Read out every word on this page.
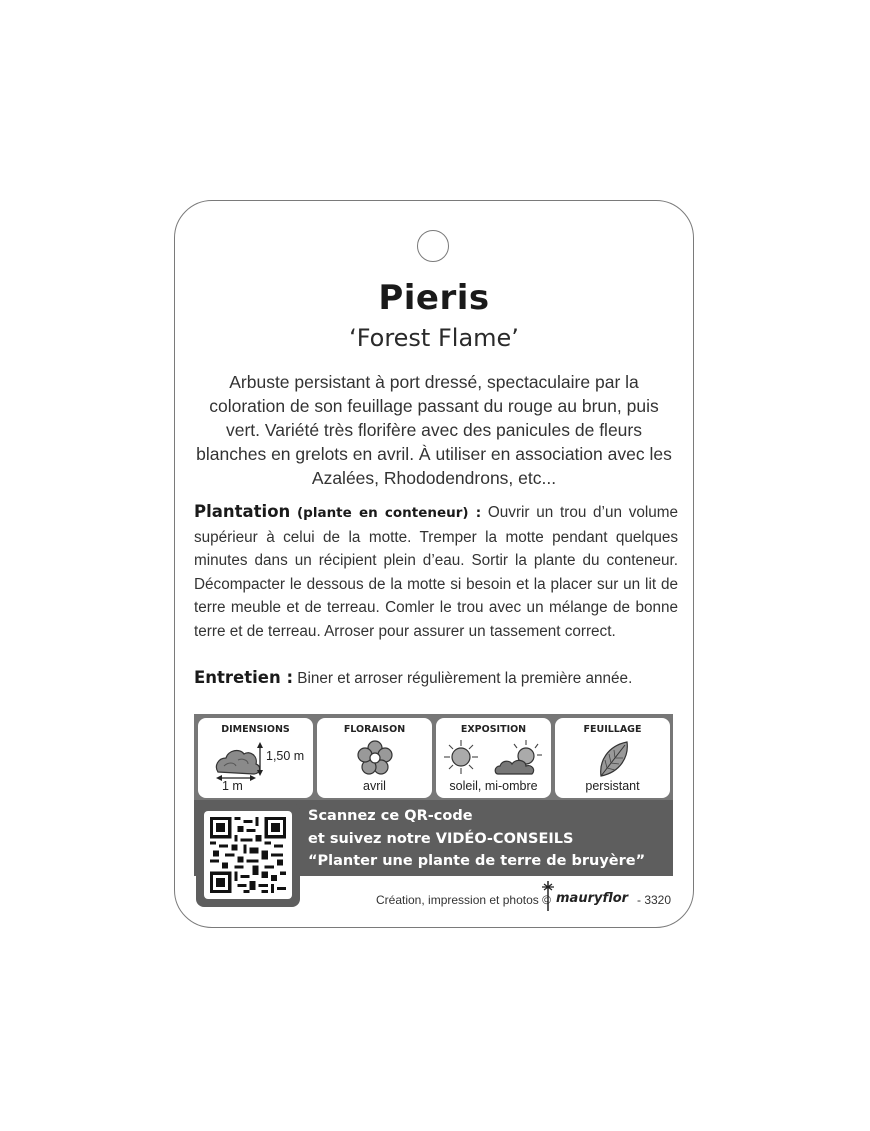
Pieris
‘Forest Flame’
Arbuste persistant à port dressé, spectaculaire par la coloration de son feuillage passant du rouge au brun, puis vert. Variété très florifère avec des panicules de fleurs blanches en grelots en avril. À utiliser en association avec les Azalées, Rhododendrons, etc...
Plantation (plante en conteneur) : Ouvrir un trou d’un volume supérieur à celui de la motte. Tremper la motte pendant quelques minutes dans un récipient plein d’eau. Sortir la plante du conteneur. Décompacter le dessous de la motte si besoin et la placer sur un lit de terre meuble et de terreau. Comler le trou avec un mélange de bonne terre et de terreau. Arroser pour assurer un tassement correct.
Entretien : Biner et arroser régulièrement la première année.
DIMENSIONS
1,50 m
1 m
FLORAISON
avril
EXPOSITION
soleil, mi-ombre
FEUILLAGE
persistant
Scannez ce QR-code
et suivez notre VIDÉO-CONSEILS
“Planter une plante de terre de bruyère”
Création, impression et photos © mauryflor - 3320
